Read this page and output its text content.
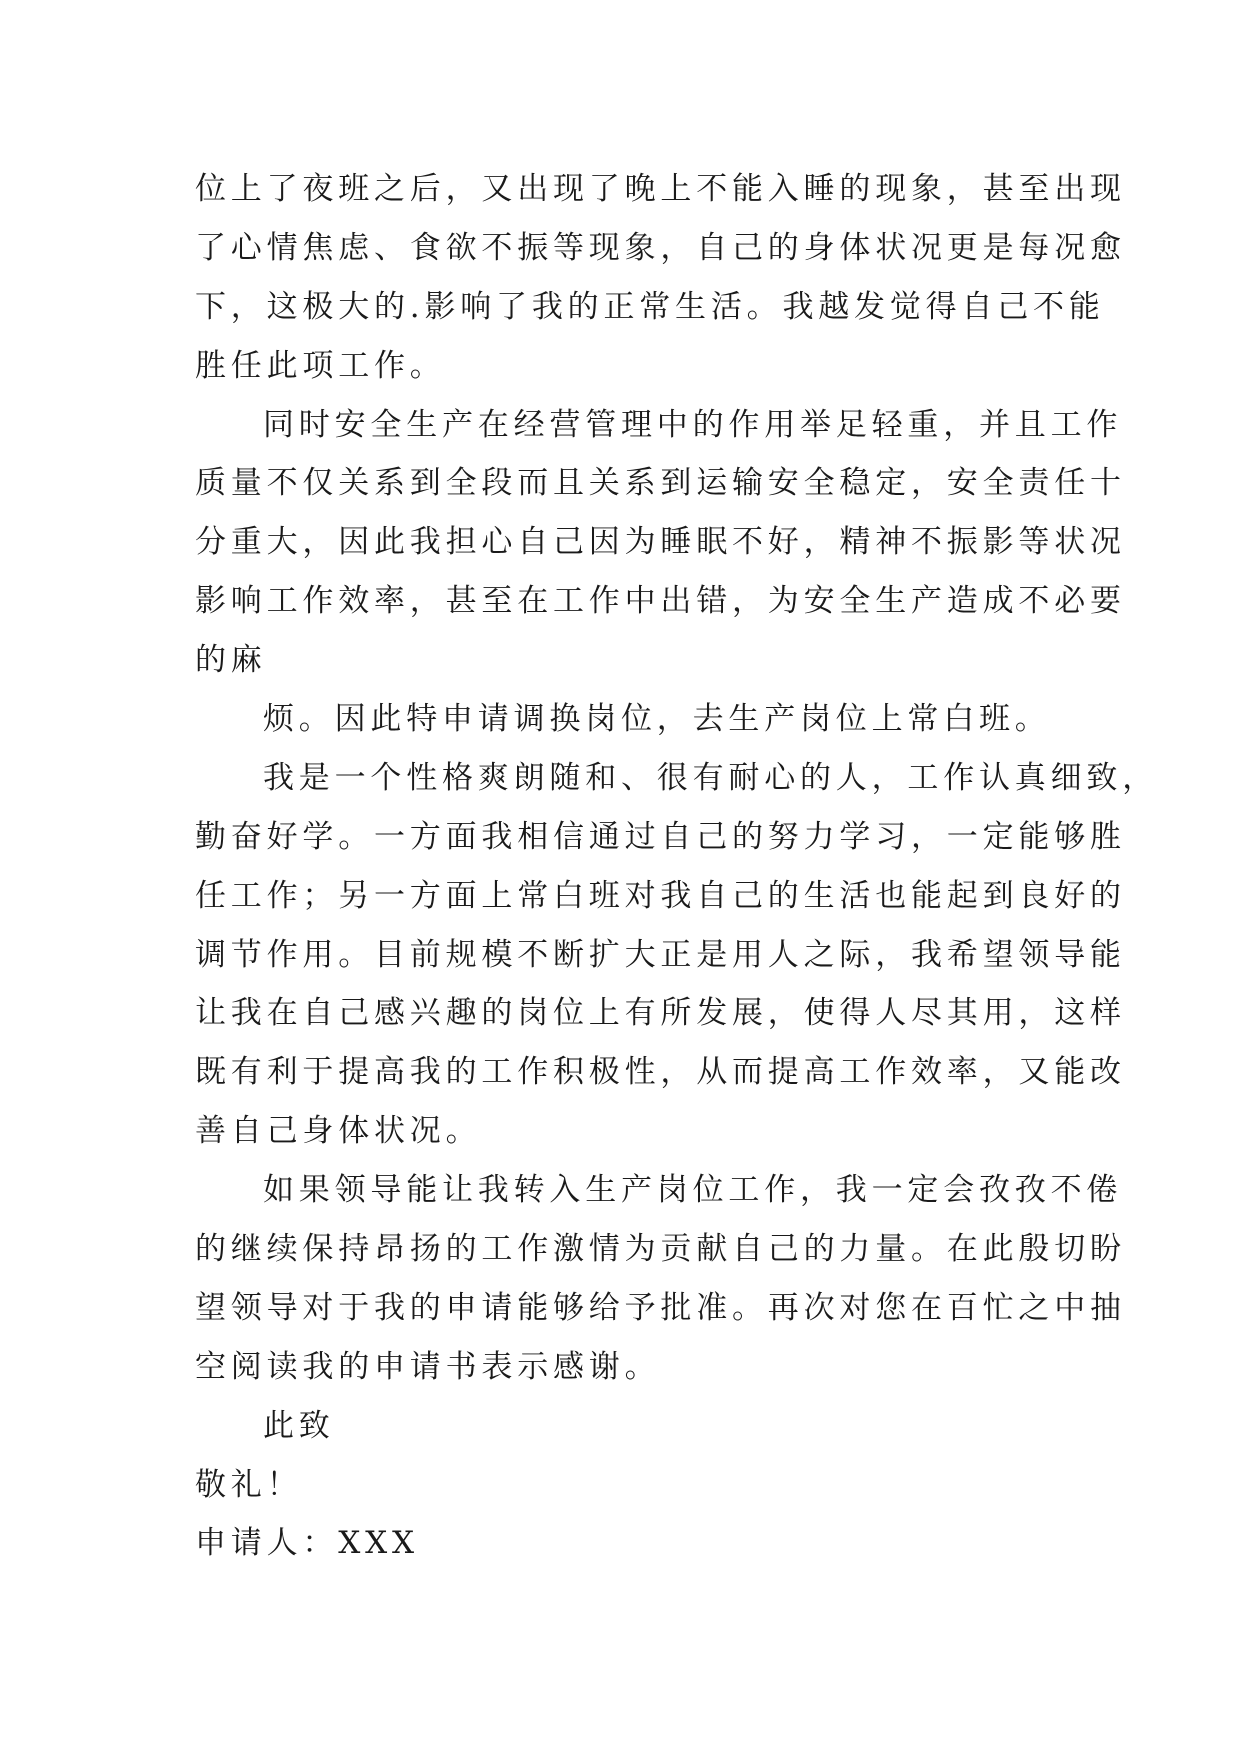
位上了夜班之后，又出现了晚上不能入睡的现象，甚至出现
了心情焦虑、食欲不振等现象，自己的身体状况更是每况愈
下，这极大的.影响了我的正常生活。我越发觉得自己不能
胜任此项工作。
同时安全生产在经营管理中的作用举足轻重，并且工作
质量不仅关系到全段而且关系到运输安全稳定，安全责任十
分重大，因此我担心自己因为睡眠不好，精神不振影等状况
影响工作效率，甚至在工作中出错，为安全生产造成不必要
的麻
烦。因此特申请调换岗位，去生产岗位上常白班。
我是一个性格爽朗随和、很有耐心的人，工作认真细致，
勤奋好学。一方面我相信通过自己的努力学习，一定能够胜
任工作；另一方面上常白班对我自己的生活也能起到良好的
调节作用。目前规模不断扩大正是用人之际，我希望领导能
让我在自己感兴趣的岗位上有所发展，使得人尽其用，这样
既有利于提高我的工作积极性，从而提高工作效率，又能改
善自己身体状况。
如果领导能让我转入生产岗位工作，我一定会孜孜不倦
的继续保持昂扬的工作激情为贡献自己的力量。在此殷切盼
望领导对于我的申请能够给予批准。再次对您在百忙之中抽
空阅读我的申请书表示感谢。
此致
敬礼！
申请人：XXX
